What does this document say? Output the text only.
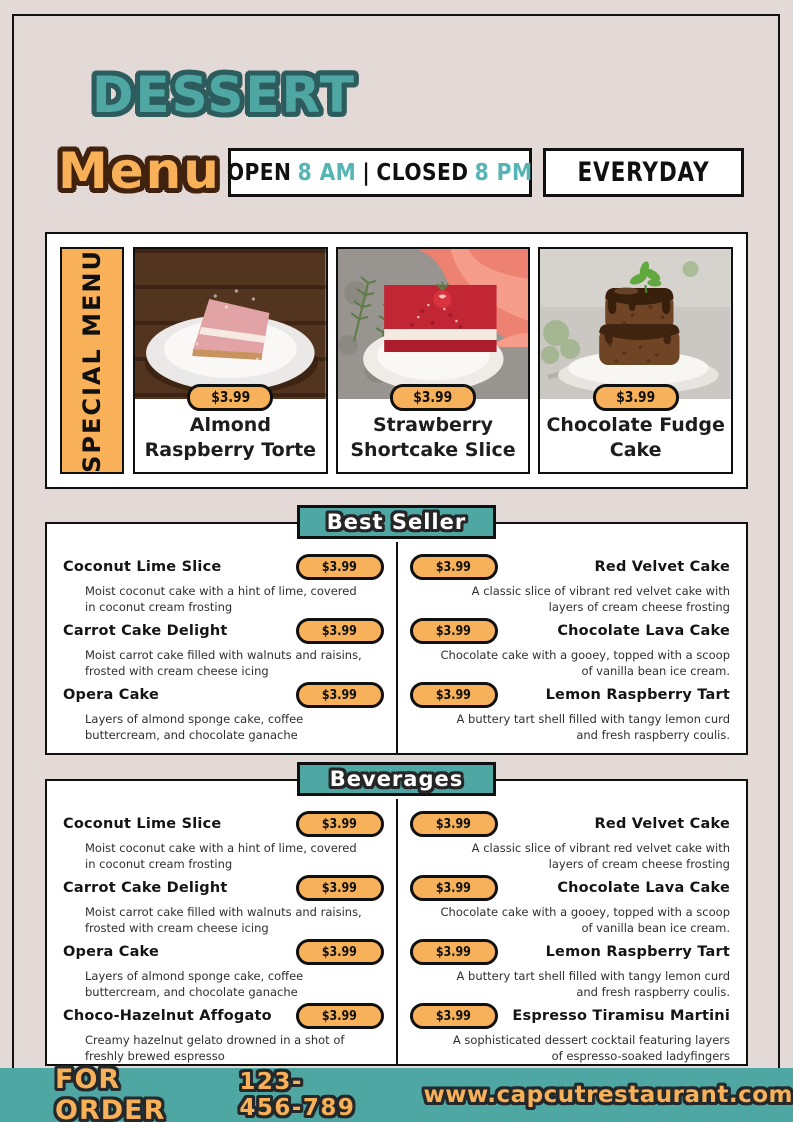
DESSERT
Menu OPEN 8 AM | CLOSED 8 PM EVERYDAY
SPECIAL MENU	$3.99
Almond Raspberry Torte
$3.99
Strawberry Shortcake Slice
$3.99
Chocolate Fudge Cake
FOR ORDER
123-456-789	www.capcutrestaurant.com
Best Seller
Coconut Lime Slice	$3.99

Moist coconut cake with a hint of lime, covered in coconut cream frosting

Carrot Cake Delight	$3.99

Moist carrot cake filled with walnuts and raisins, frosted with cream cheese icing

Opera Cake	$3.99

Layers of almond sponge cake, coffee buttercream, and chocolate ganache

Red Velvet Cake
$3.99

A classic slice of vibrant red velvet cake with layers of cream cheese frosting

Chocolate Lava Cake
$3.99

Chocolate cake with a gooey, topped with a scoop of vanilla bean ice cream.

Lemon Raspberry Tart
$3.99

A buttery tart shell filled with tangy lemon curd and fresh raspberry coulis.

Beverages
Coconut Lime Slice	$3.99

Moist coconut cake with a hint of lime, covered in coconut cream frosting

Carrot Cake Delight	$3.99

Moist carrot cake filled with walnuts and raisins, frosted with cream cheese icing

Opera Cake	$3.99

Layers of almond sponge cake, coffee buttercream, and chocolate ganache

Choco-Hazelnut Affogato	$3.99

Creamy hazelnut gelato drowned in a shot of freshly brewed espresso

Red Velvet Cake
$3.99

A classic slice of vibrant red velvet cake with layers of cream cheese frosting

Chocolate Lava Cake
$3.99

Chocolate cake with a gooey, topped with a scoop of vanilla bean ice cream.

Lemon Raspberry Tart
$3.99

A buttery tart shell filled with tangy lemon curd and fresh raspberry coulis.

Espresso Tiramisu Martini
$3.99

A sophisticated dessert cocktail featuring layers of espresso-soaked ladyfingers
